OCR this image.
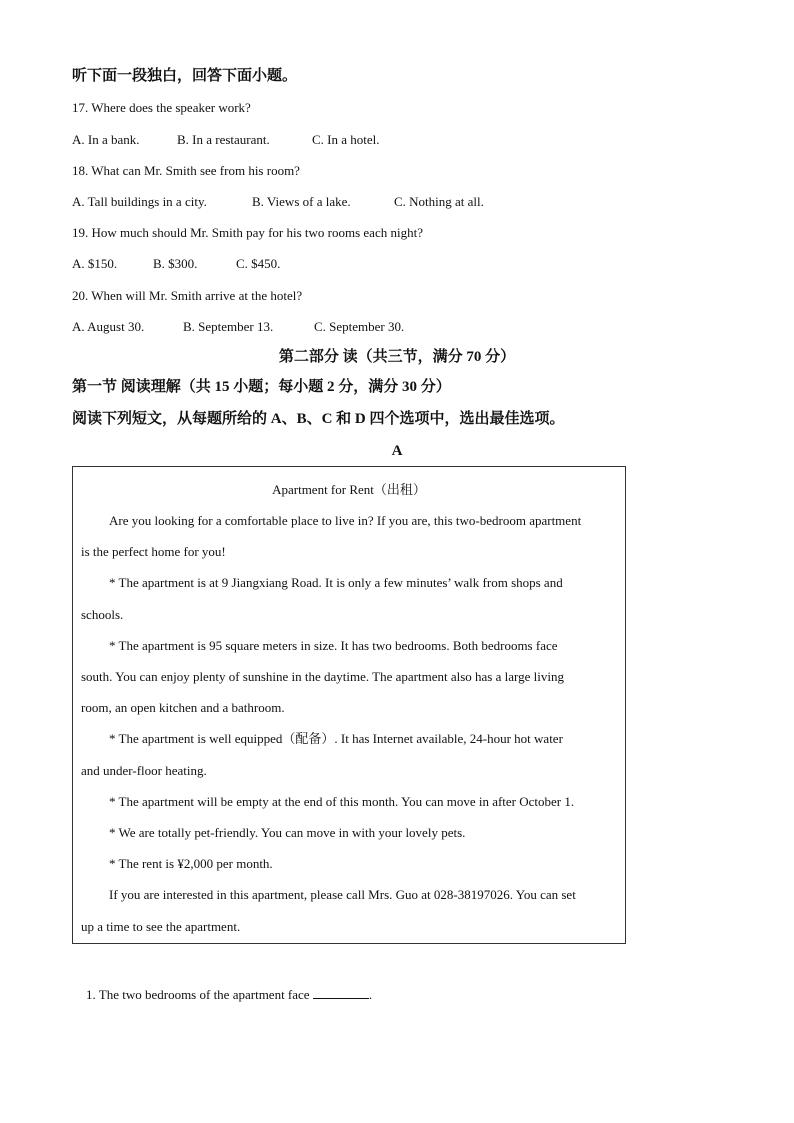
听下面一段独白，回答下面小题。
17. Where does the speaker work?
A. In a bank.	B. In a restaurant.	C. In a hotel.
18. What can Mr. Smith see from his room?
A. Tall buildings in a city.	B. Views of a lake.	C. Nothing at all.
19. How much should Mr. Smith pay for his two rooms each night?
A. $150.	B. $300.	C. $450.
20. When will Mr. Smith arrive at the hotel?
A. August 30.	B. September 13.	C. September 30.
第二部分 读（共三节，满分 70 分）
第一节 阅读理解（共 15 小题；每小题 2 分，满分 30 分）
阅读下列短文，从每题所给的 A、B、C 和 D 四个选项中，选出最佳选项。
A
Apartment for Rent（出租）
Are you looking for a comfortable place to live in? If you are, this two-bedroom apartment
is the perfect home for you!
* The apartment is at 9 Jiangxiang Road. It is only a few minutes’ walk from shops and
schools.
* The apartment is 95 square meters in size. It has two bedrooms. Both bedrooms face
south. You can enjoy plenty of sunshine in the daytime. The apartment also has a large living
room, an open kitchen and a bathroom.
* The apartment is well equipped（配备）. It has Internet available, 24-hour hot water
and under-floor heating.
* The apartment will be empty at the end of this month. You can move in after October 1.
* We are totally pet-friendly. You can move in with your lovely pets.
* The rent is ¥2,000 per month.
If you are interested in this apartment, please call Mrs. Guo at 028-38197026. You can set
up a time to see the apartment.
1. The two bedrooms of the apartment face	.
